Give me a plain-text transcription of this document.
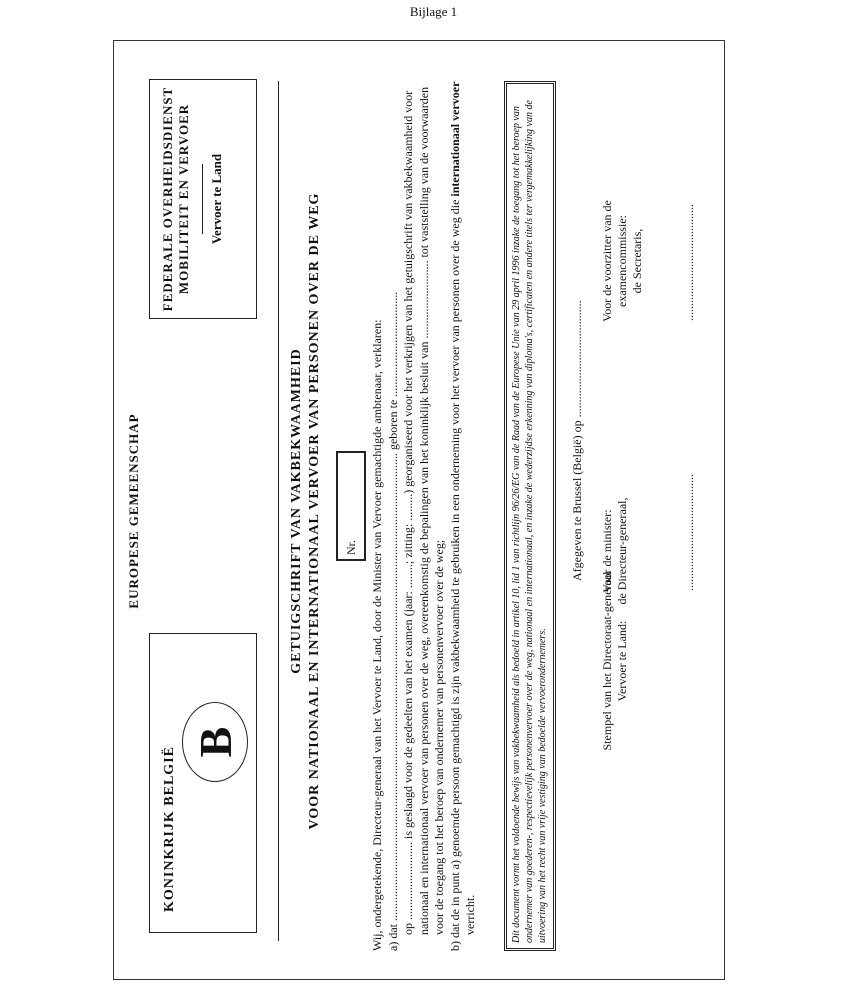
Bijlage 1
KONINKRIJK BELGIË
B
EUROPESE GEMEENSCHAP
FEDERALE OVERHEIDSDIENST MOBILITEIT EN VERVOER Vervoer te Land
GETUIGSCHRIFT VAN VAKBEKWAAMHEID VOOR NATIONAAL EN INTERNATIONAAL VERVOER VAN PERSONEN OVER DE WEG	Nr.	Wij, ondergetekende, Directeur-generaal van het Vervoer te Land, door de Minister van Vervoer gemachtigde ambtenaar, verklaren: a) dat ............................................................................................................................................................ geboren te ................................... op .......................... is geslaagd voor de gedeelten van het examen (jaar: ........; zitting: .........) georganiseerd voor het verkrijgen van het getuigschrift van vakbekwaamheid voor nationaal en internationaal vervoer van personen over de weg, overeenkomstig de bepalingen van het koninklijk besluit van .......................... tot vaststelling van de voorwaarden voor de toegang tot het beroep van ondernemer van personenvervoer over de weg; b) dat de in punt a) genoemde persoon gemachtigd is zijn vakbekwaamheid te gebruiken in een onderneming voor het vervoer van personen over de weg die internationaal vervoer verricht.	Dit document vormt het voldoende bewijs van vakbekwaamheid als bedoeld in artikel 10, lid 1 van richtlijn 96/26/EG van de Raad van de Europese Unie van 29 april 1996 inzake de toegang tot het beroep van ondernemer van goederen-, respectievelijk personenvervoer over de weg, nationaal en internationaal, en inzake de wederzijdse erkenning van diploma's, certificaten en andere titels ter vergemakkelijking van de uitvoering van het recht van vrije vestiging van bedoelde vervoerondernemers.
Afgegeven te Brussel (België) op .......................................
Stempel van het Directoraat-generaal Vervoer te Land:
Voor de minister: de Directeur-generaal,
Voor de voorzitter van de examencommissie: de Secretaris,
.......................................
.......................................
